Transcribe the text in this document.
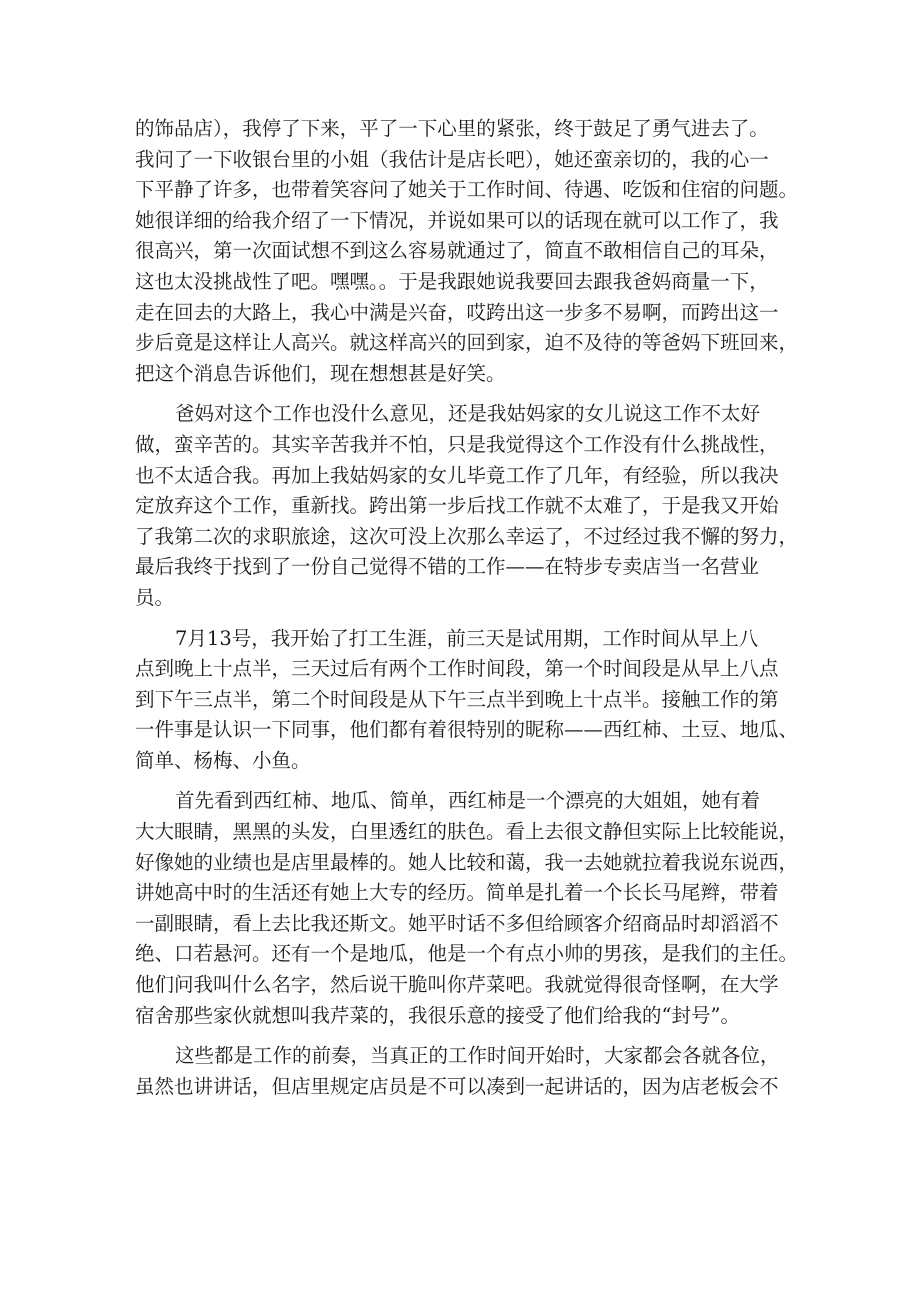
的饰品店），我停了下来，平了一下心里的紧张，终于鼓足了勇气进去了。
我问了一下收银台里的小姐（我估计是店长吧），她还蛮亲切的，我的心一
下平静了许多，也带着笑容问了她关于工作时间、待遇、吃饭和住宿的问题。
她很详细的给我介绍了一下情况，并说如果可以的话现在就可以工作了，我
很高兴，第一次面试想不到这么容易就通过了，简直不敢相信自己的耳朵，
这也太没挑战性了吧。嘿嘿。。于是我跟她说我要回去跟我爸妈商量一下，
走在回去的大路上，我心中满是兴奋，哎跨出这一步多不易啊，而跨出这一
步后竟是这样让人高兴。就这样高兴的回到家，迫不及待的等爸妈下班回来，
把这个消息告诉他们，现在想想甚是好笑。
爸妈对这个工作也没什么意见，还是我姑妈家的女儿说这工作不太好
做，蛮辛苦的。其实辛苦我并不怕，只是我觉得这个工作没有什么挑战性，
也不太适合我。再加上我姑妈家的女儿毕竟工作了几年，有经验，所以我决
定放弃这个工作，重新找。跨出第一步后找工作就不太难了，于是我又开始
了我第二次的求职旅途，这次可没上次那么幸运了，不过经过我不懈的努力，
最后我终于找到了一份自己觉得不错的工作——在特步专卖店当一名营业
员。
7月13号，我开始了打工生涯，前三天是试用期，工作时间从早上八
点到晚上十点半，三天过后有两个工作时间段，第一个时间段是从早上八点
到下午三点半，第二个时间段是从下午三点半到晚上十点半。接触工作的第
一件事是认识一下同事，他们都有着很特别的昵称——西红柿、土豆、地瓜、
简单、杨梅、小鱼。
首先看到西红柿、地瓜、简单，西红柿是一个漂亮的大姐姐，她有着
大大眼睛，黑黑的头发，白里透红的肤色。看上去很文静但实际上比较能说，
好像她的业绩也是店里最棒的。她人比较和蔼，我一去她就拉着我说东说西，
讲她高中时的生活还有她上大专的经历。简单是扎着一个长长马尾辫，带着
一副眼睛，看上去比我还斯文。她平时话不多但给顾客介绍商品时却滔滔不
绝、口若悬河。还有一个是地瓜，他是一个有点小帅的男孩，是我们的主任。
他们问我叫什么名字，然后说干脆叫你芹菜吧。我就觉得很奇怪啊，在大学
宿舍那些家伙就想叫我芹菜的，我很乐意的接受了他们给我的“封号”。
这些都是工作的前奏，当真正的工作时间开始时，大家都会各就各位，
虽然也讲讲话，但店里规定店员是不可以凑到一起讲话的，因为店老板会不
